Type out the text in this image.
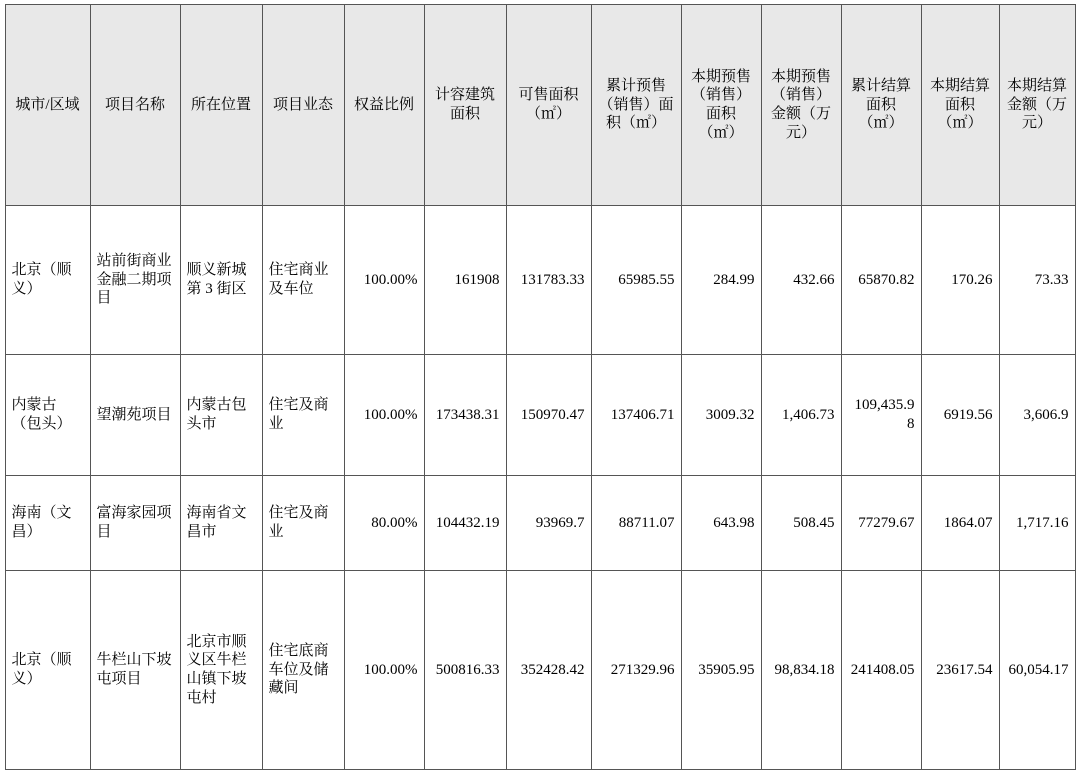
城市/区域	项目名称	所在位置	项目业态	权益比例	计容建筑面积	可售面积（㎡）	累计预售（销售）面积（㎡）	本期预售（销售）面积（㎡）	本期预售（销售）金额（万元）	累计结算面积（㎡）	本期结算面积（㎡）	本期结算金额（万元）
北京（顺义）	站前街商业金融二期项目	顺义新城第 3 街区	住宅商业及车位	100.00%	161908	131783.33	65985.55	284.99	432.66	65870.82	170.26	73.33
内蒙古（包头）	望潮苑项目	内蒙古包头市	住宅及商业	100.00%	173438.31	150970.47	137406.71	3009.32	1,406.73	109,435.98	6919.56	3,606.9
海南（文昌）	富海家园项目	海南省文昌市	住宅及商业	80.00%	104432.19	93969.7	88711.07	643.98	508.45	77279.67	1864.07	1,717.16
北京（顺义）	牛栏山下坡屯项目	北京市顺义区牛栏山镇下坡屯村	住宅底商车位及储藏间	100.00%	500816.33	352428.42	271329.96	35905.95	98,834.18	241408.05	23617.54	60,054.17
